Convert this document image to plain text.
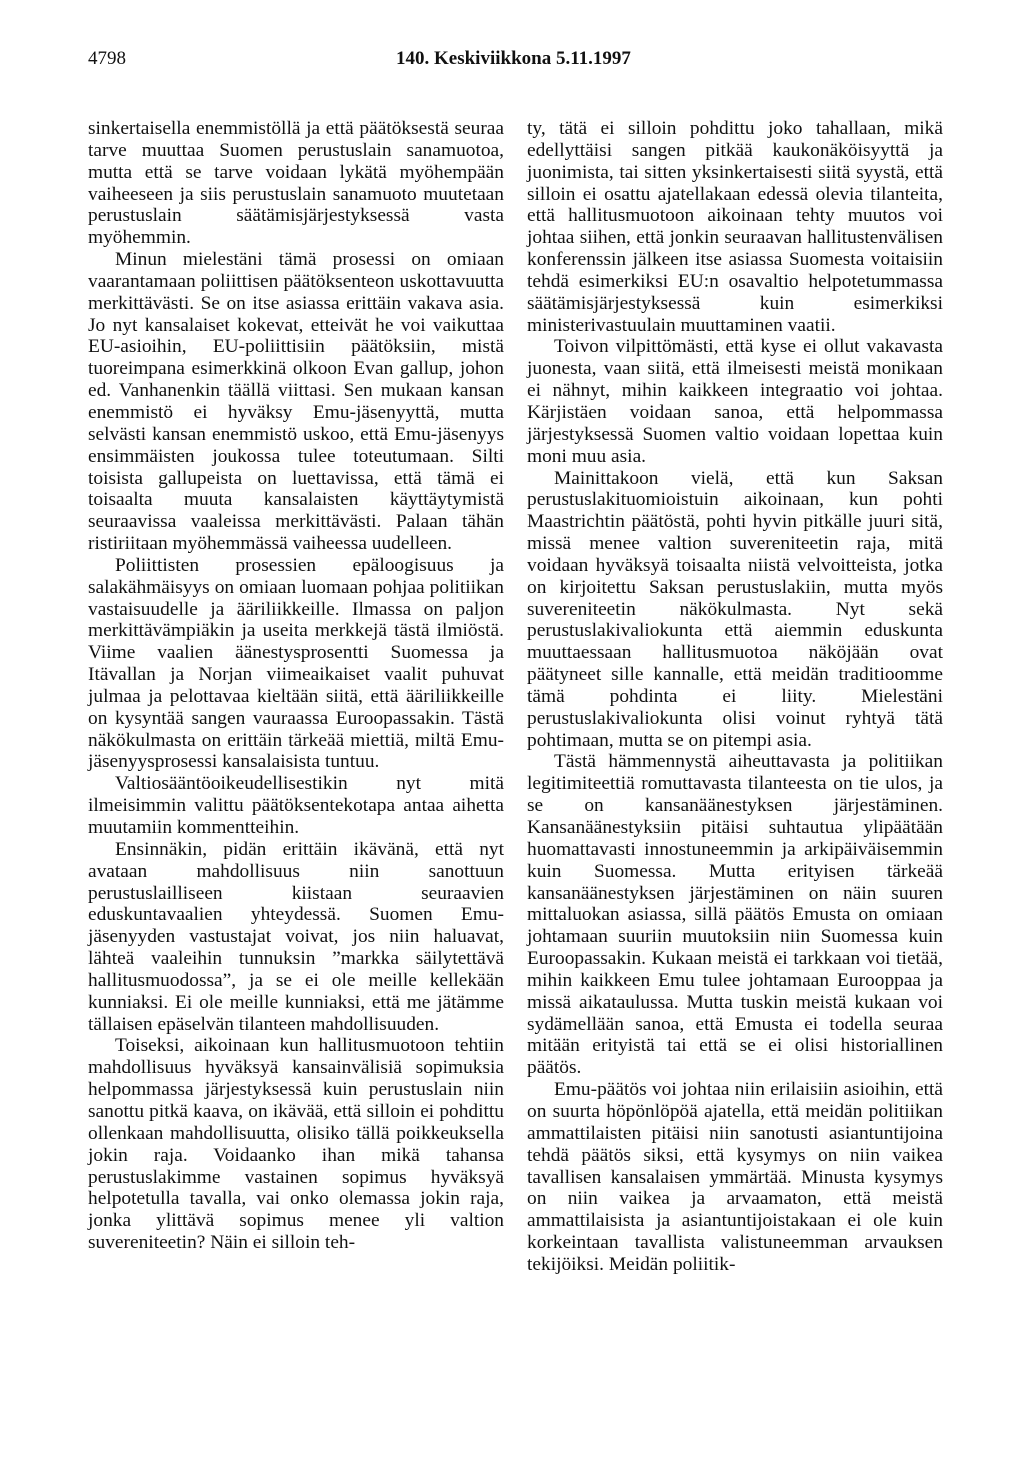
4798	140. Keskiviikkona 5.11.1997

sinkertaisella enemmistöllä ja että päätöksestä seuraa tarve muuttaa Suomen perustuslain sanamuotoa, mutta että se tarve voidaan lykätä myöhempään vaiheeseen ja siis perustuslain sanamuoto muutetaan perustuslain säätämisjärjestyksessä vasta myöhemmin.

Minun mielestäni tämä prosessi on omiaan vaarantamaan poliittisen päätöksenteon uskottavuutta merkittävästi. Se on itse asiassa erittäin vakava asia. Jo nyt kansalaiset kokevat, etteivät he voi vaikuttaa EU-asioihin, EU-poliittisiin päätöksiin, mistä tuoreimpana esimerkkinä olkoon Evan gallup, johon ed. Vanhanenkin täällä viittasi. Sen mukaan kansan enemmistö ei hyväksy Emu-jäsenyyttä, mutta selvästi kansan enemmistö uskoo, että Emu-jäsenyys ensimmäisten joukossa tulee toteutumaan. Silti toisista gallupeista on luettavissa, että tämä ei toisaalta muuta kansalaisten käyttäytymistä seuraavissa vaaleissa merkittävästi. Palaan tähän ristiriitaan myöhemmässä vaiheessa uudelleen.

Poliittisten prosessien epäloogisuus ja salakähmäisyys on omiaan luomaan pohjaa politiikan vastaisuudelle ja ääriliikkeille. Ilmassa on paljon merkittävämpiäkin ja useita merkkejä tästä ilmiöstä. Viime vaalien äänestysprosentti Suomessa ja Itävallan ja Norjan viimeaikaiset vaalit puhuvat julmaa ja pelottavaa kieltään siitä, että ääriliikkeille on kysyntää sangen vauraassa Euroopassakin. Tästä näkökulmasta on erittäin tärkeää miettiä, miltä Emu-jäsenyysprosessi kansalaisista tuntuu.

Valtiosääntöoikeudellisestikin nyt mitä ilmeisimmin valittu päätöksentekotapa antaa aihetta muutamiin kommentteihin.

Ensinnäkin, pidän erittäin ikävänä, että nyt avataan mahdollisuus niin sanottuun perustuslailliseen kiistaan seuraavien eduskuntavaalien yhteydessä. Suomen Emu-jäsenyyden vastustajat voivat, jos niin haluavat, lähteä vaaleihin tunnuksin ”markka säilytettävä hallitusmuodossa”, ja se ei ole meille kellekään kunniaksi. Ei ole meille kunniaksi, että me jätämme tällaisen epäselvän tilanteen mahdollisuuden.

Toiseksi, aikoinaan kun hallitusmuotoon tehtiin mahdollisuus hyväksyä kansainvälisiä sopimuksia helpommassa järjestyksessä kuin perustuslain niin sanottu pitkä kaava, on ikävää, että silloin ei pohdittu ollenkaan mahdollisuutta, olisiko tällä poikkeuksella jokin raja. Voidaanko ihan mikä tahansa perustuslakimme vastainen sopimus hyväksyä helpotetulla tavalla, vai onko olemassa jokin raja, jonka ylittävä sopimus menee yli valtion suvereniteetin? Näin ei silloin teh-

ty, tätä ei silloin pohdittu joko tahallaan, mikä edellyttäisi sangen pitkää kaukonäköisyyttä ja juonimista, tai sitten yksinkertaisesti siitä syystä, että silloin ei osattu ajatellakaan edessä olevia tilanteita, että hallitusmuotoon aikoinaan tehty muutos voi johtaa siihen, että jonkin seuraavan hallitustenvälisen konferenssin jälkeen itse asiassa Suomesta voitaisiin tehdä esimerkiksi EU:n osavaltio helpotetummassa säätämisjärjestyksessä kuin esimerkiksi ministerivastuulain muuttaminen vaatii.

Toivon vilpittömästi, että kyse ei ollut vakavasta juonesta, vaan siitä, että ilmeisesti meistä monikaan ei nähnyt, mihin kaikkeen integraatio voi johtaa. Kärjistäen voidaan sanoa, että helpommassa järjestyksessä Suomen valtio voidaan lopettaa kuin moni muu asia.

Mainittakoon vielä, että kun Saksan perustuslakituomioistuin aikoinaan, kun pohti Maastrichtin päätöstä, pohti hyvin pitkälle juuri sitä, missä menee valtion suvereniteetin raja, mitä voidaan hyväksyä toisaalta niistä velvoitteista, jotka on kirjoitettu Saksan perustuslakiin, mutta myös suvereniteetin näkökulmasta. Nyt sekä perustuslakivaliokunta että aiemmin eduskunta muuttaessaan hallitusmuotoa näköjään ovat päätyneet sille kannalle, että meidän traditioomme tämä pohdinta ei liity. Mielestäni perustuslakivaliokunta olisi voinut ryhtyä tätä pohtimaan, mutta se on pitempi asia.

Tästä hämmennystä aiheuttavasta ja politiikan legitimiteettiä romuttavasta tilanteesta on tie ulos, ja se on kansanäänestyksen järjestäminen. Kansanäänestyksiin pitäisi suhtautua ylipäätään huomattavasti innostuneemmin ja arkipäiväisemmin kuin Suomessa. Mutta erityisen tärkeää kansanäänestyksen järjestäminen on näin suuren mittaluokan asiassa, sillä päätös Emusta on omiaan johtamaan suuriin muutoksiin niin Suomessa kuin Euroopassakin. Kukaan meistä ei tarkkaan voi tietää, mihin kaikkeen Emu tulee johtamaan Eurooppaa ja missä aikataulussa. Mutta tuskin meistä kukaan voi sydämellään sanoa, että Emusta ei todella seuraa mitään erityistä tai että se ei olisi historiallinen päätös.

Emu-päätös voi johtaa niin erilaisiin asioihin, että on suurta höpönlöpöä ajatella, että meidän politiikan ammattilaisten pitäisi niin sanotusti asiantuntijoina tehdä päätös siksi, että kysymys on niin vaikea tavallisen kansalaisen ymmärtää. Minusta kysymys on niin vaikea ja arvaamaton, että meistä ammattilaisista ja asiantuntijoistakaan ei ole kuin korkeintaan tavallista valistuneemman arvauksen tekijöiksi. Meidän poliitik-
